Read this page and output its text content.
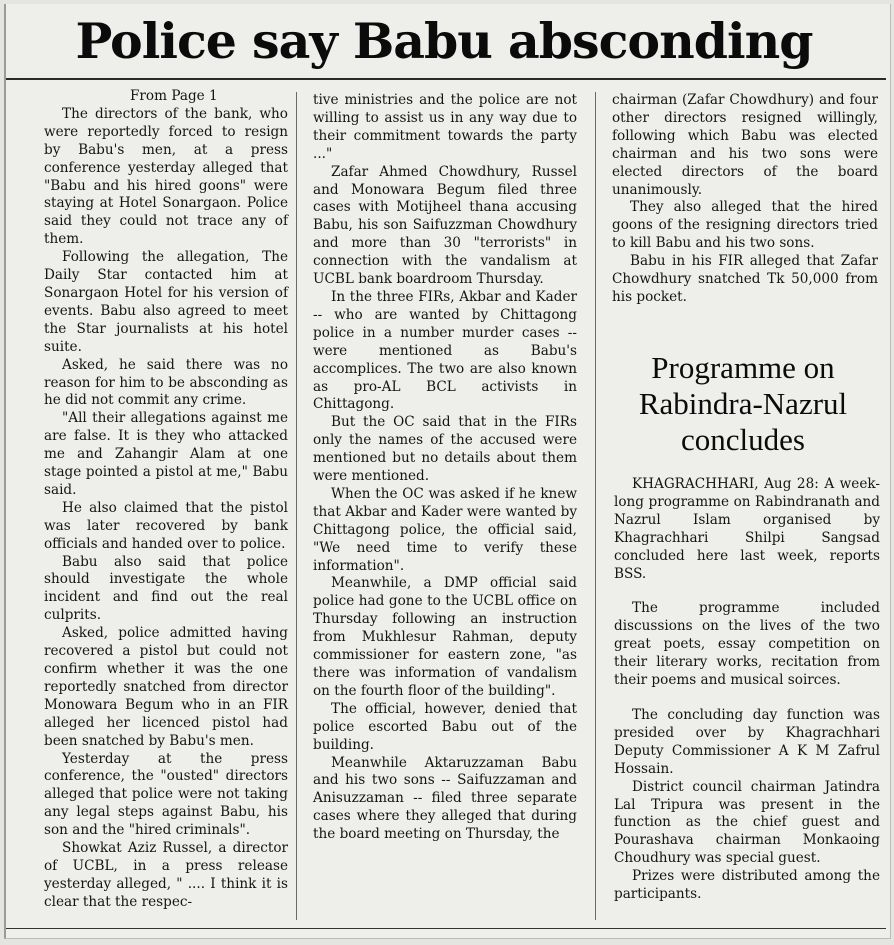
Police say Babu absconding
From Page 1

The directors of the bank, who were reportedly forced to resign by Babu's men, at a press conference yesterday alleged that "Babu and his hired goons" were staying at Hotel Sonargaon. Police said they could not trace any of them.

Following the allegation, The Daily Star contacted him at Sonargaon Hotel for his version of events. Babu also agreed to meet the Star journalists at his hotel suite.

Asked, he said there was no reason for him to be absconding as he did not commit any crime.

"All their allegations against me are false. It is they who attacked me and Zahangir Alam at one stage pointed a pistol at me," Babu said.

He also claimed that the pistol was later recovered by bank officials and handed over to police.

Babu also said that police should investigate the whole incident and find out the real culprits.

Asked, police admitted having recovered a pistol but could not confirm whether it was the one reportedly snatched from director Monowara Begum who in an FIR alleged her licenced pistol had been snatched by Babu's men.

Yesterday at the press conference, the "ousted" directors alleged that police were not taking any legal steps against Babu, his son and the "hired criminals".

Showkat Aziz Russel, a director of UCBL, in a press release yesterday alleged, " .... I think it is clear that the respec-

tive ministries and the police are not willing to assist us in any way due to their commitment towards the party ..."

Zafar Ahmed Chowdhury, Russel and Monowara Begum filed three cases with Motijheel thana accusing Babu, his son Saifuzzman Chowdhury and more than 30 "terrorists" in connection with the vandalism at UCBL bank boardroom Thursday.

In the three FIRs, Akbar and Kader -- who are wanted by Chittagong police in a number murder cases -- were mentioned as Babu's accomplices. The two are also known as pro-AL BCL activists in Chittagong.

But the OC said that in the FIRs only the names of the accused were mentioned but no details about them were mentioned.

When the OC was asked if he knew that Akbar and Kader were wanted by Chittagong police, the official said, "We need time to verify these information".

Meanwhile, a DMP official said police had gone to the UCBL office on Thursday following an instruction from Mukhlesur Rahman, deputy commissioner for eastern zone, "as there was information of vandalism on the fourth floor of the building".

The official, however, denied that police escorted Babu out of the building.

Meanwhile Aktaruzzaman Babu and his two sons -- Saifuzzaman and Anisuzzaman -- filed three separate cases where they alleged that during the board meeting on Thursday, the

chairman (Zafar Chowdhury) and four other directors resigned willingly, following which Babu was elected chairman and his two sons were elected directors of the board unanimously.

They also alleged that the hired goons of the resigning directors tried to kill Babu and his two sons.

Babu in his FIR alleged that Zafar Chowdhury snatched Tk 50,000 from his pocket.

Programme on Rabindra-Nazrul concludes

KHAGRACHHARI, Aug 28: A week-long programme on Rabindranath and Nazrul Islam organised by Khagrachhari Shilpi Sangsad concluded here last week, reports BSS.

The programme included discussions on the lives of the two great poets, essay competition on their literary works, recitation from their poems and musical soirces.

The concluding day function was presided over by Khagrachhari Deputy Commissioner A K M Zafrul Hossain.

District council chairman Jatindra Lal Tripura was present in the function as the chief guest and Pourashava chairman Monkaoing Choudhury was special guest.

Prizes were distributed among the participants.
